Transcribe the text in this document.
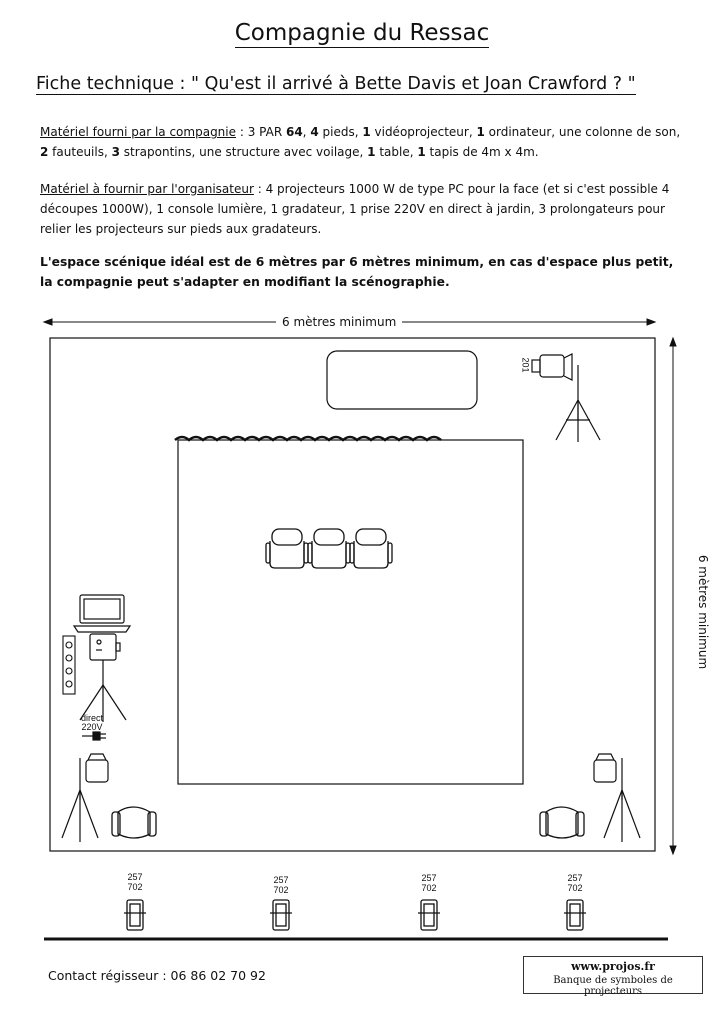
Compagnie du Ressac
Fiche technique : " Qu'est il arrivé à Bette Davis et Joan Crawford ? "
Matériel fourni par la compagnie : 3 PAR 64, 4 pieds, 1 vidéoprojecteur, 1 ordinateur, une colonne de son, 2 fauteuils, 3 strapontins, une structure avec voilage, 1 table, 1 tapis de 4m x 4m.
Matériel à fournir par l'organisateur : 4 projecteurs 1000 W de type PC pour la face (et si c'est possible 4 découpes 1000W), 1 console lumière, 1 gradateur, 1 prise 220V en direct à jardin, 3 prolongateurs pour relier les projecteurs sur pieds aux gradateurs.
L'espace scénique idéal est de 6 mètres par 6 mètres minimum, en cas d'espace plus petit, la compagnie peut s'adapter en modifiant la scénographie.
6 mètres minimum
6 mètres minimum
201
direct
220V
257
702
257
702
257
702
257
702
Contact régisseur : 06 86 02 70 92
www.projos.fr
Banque de symboles de projecteurs
